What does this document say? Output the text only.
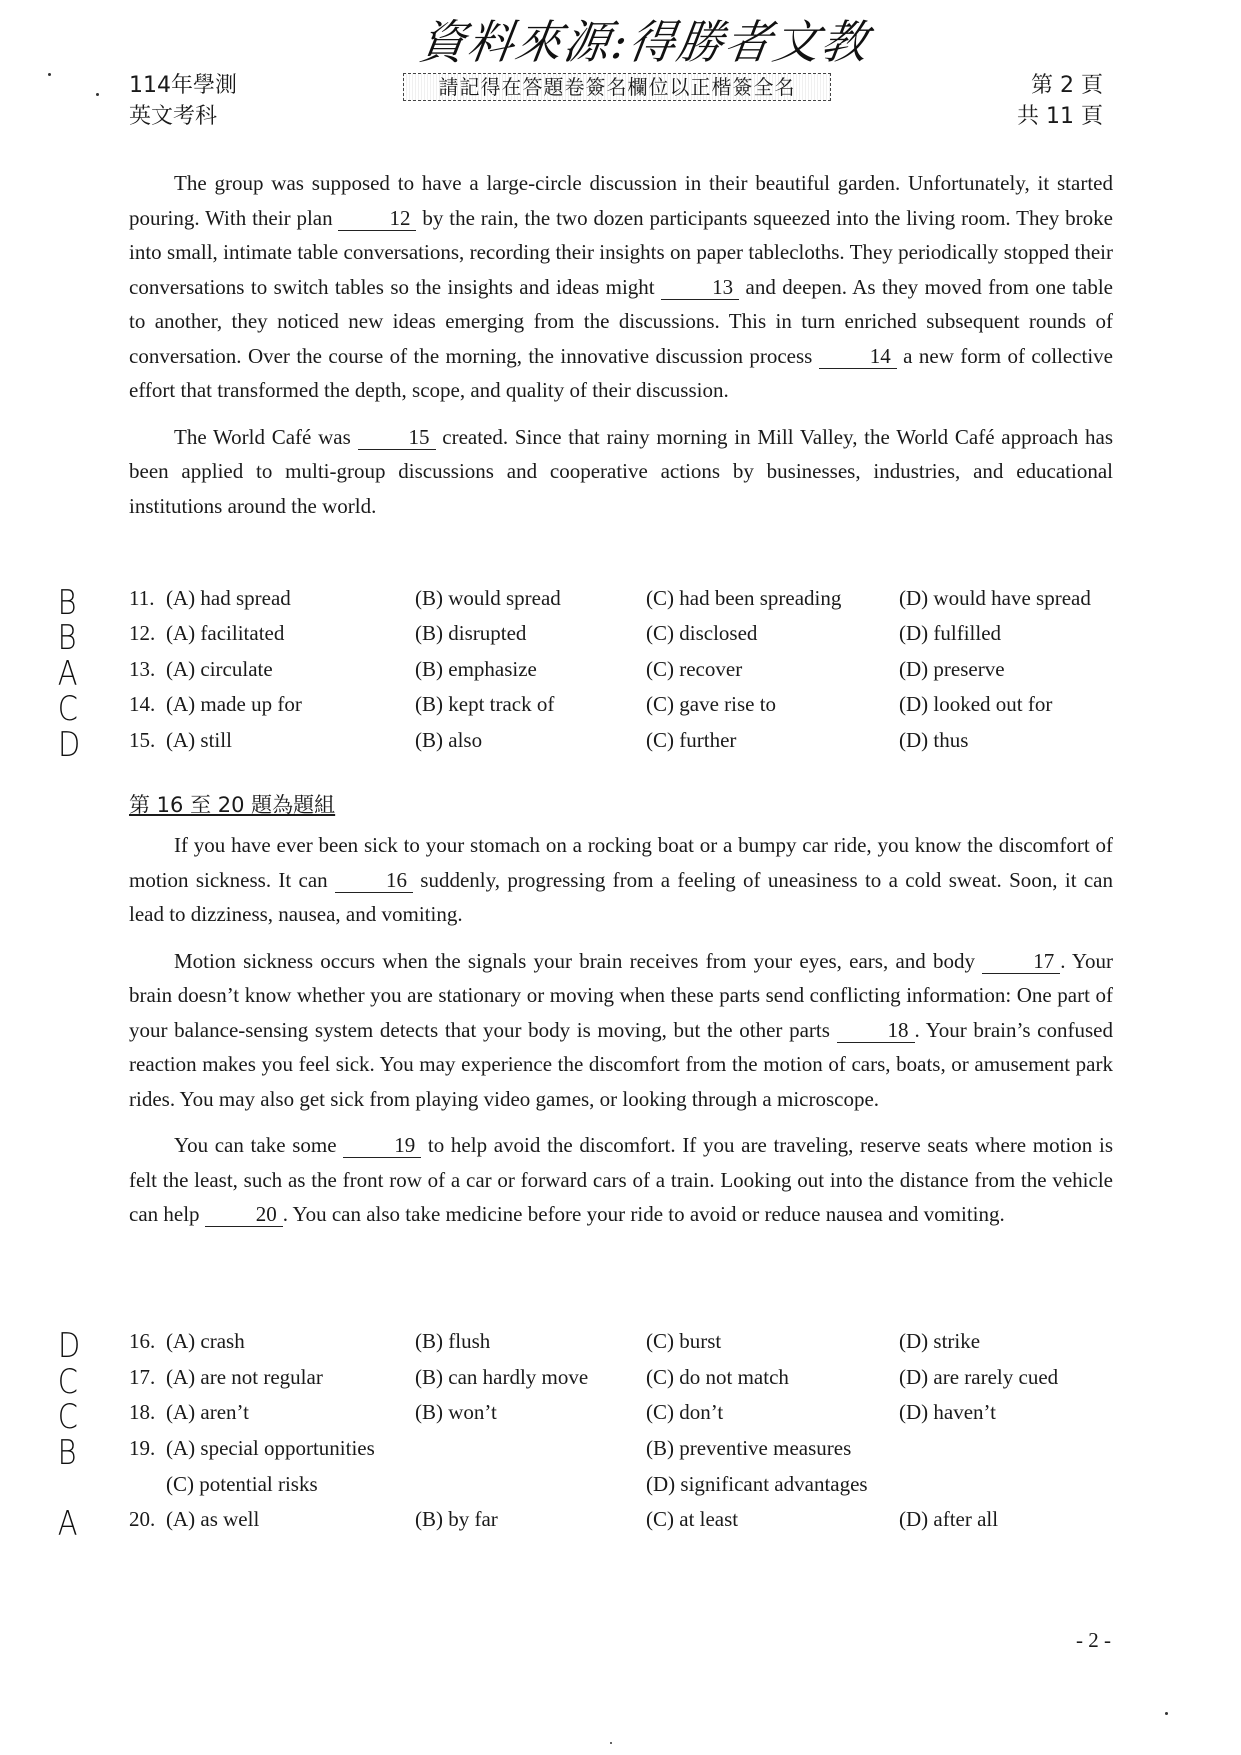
資料來源:得勝者文教
114年學測
英文考科
請記得在答題卷簽名欄位以正楷簽全名	第 2 頁
共 11 頁

The group was supposed to have a large-circle discussion in their beautiful garden. Unfortunately, it started pouring. With their plan 12 by the rain, the two dozen participants squeezed into the living room. They broke into small, intimate table conversations, recording their insights on paper tablecloths. They periodically stopped their conversations to switch tables so the insights and ideas might 13 and deepen. As they moved from one table to another, they noticed new ideas emerging from the discussions. This in turn enriched subsequent rounds of conversation. Over the course of the morning, the innovative discussion process 14 a new form of collective effort that transformed the depth, scope, and quality of their discussion.

The World Café was 15 created. Since that rainy morning in Mill Valley, the World Café approach has been applied to multi-group discussions and cooperative actions by businesses, industries, and educational institutions around the world.

B 11. (A) had spread	(B) would spread	(C) had been spreading	(D) would have spread
B 12. (A) facilitated	(B) disrupted	(C) disclosed	(D) fulfilled
A 13. (A) circulate	(B) emphasize	(C) recover	(D) preserve
C 14. (A) made up for	(B) kept track of	(C) gave rise to	(D) looked out for
D 15. (A) still	(B) also	(C) further	(D) thus
第 16 至 20 題為題組

If you have ever been sick to your stomach on a rocking boat or a bumpy car ride, you know the discomfort of motion sickness. It can 16 suddenly, progressing from a feeling of uneasiness to a cold sweat. Soon, it can lead to dizziness, nausea, and vomiting.

Motion sickness occurs when the signals your brain receives from your eyes, ears, and body 17 . Your brain doesn’t know whether you are stationary or moving when these parts send conflicting information: One part of your balance-sensing system detects that your body is moving, but the other parts 18 . Your brain’s confused reaction makes you feel sick. You may experience the discomfort from the motion of cars, boats, or amusement park rides. You may also get sick from playing video games, or looking through a microscope.

You can take some 19 to help avoid the discomfort. If you are traveling, reserve seats where motion is felt the least, such as the front row of a car or forward cars of a train. Looking out into the distance from the vehicle can help 20 . You can also take medicine before your ride to avoid or reduce nausea and vomiting.

D 16. (A) crash	(B) flush	(C) burst	(D) strike
C 17. (A) are not regular	(B) can hardly move	(C) do not match	(D) are rarely cued
C 18. (A) aren’t	(B) won’t	(C) don’t	(D) haven’t
B 19. (A) special opportunities	(B) preventive measures
(C) potential risks	(D) significant advantages
A 20. (A) as well	(B) by far	(C) at least	(D) after all
- 2 -
